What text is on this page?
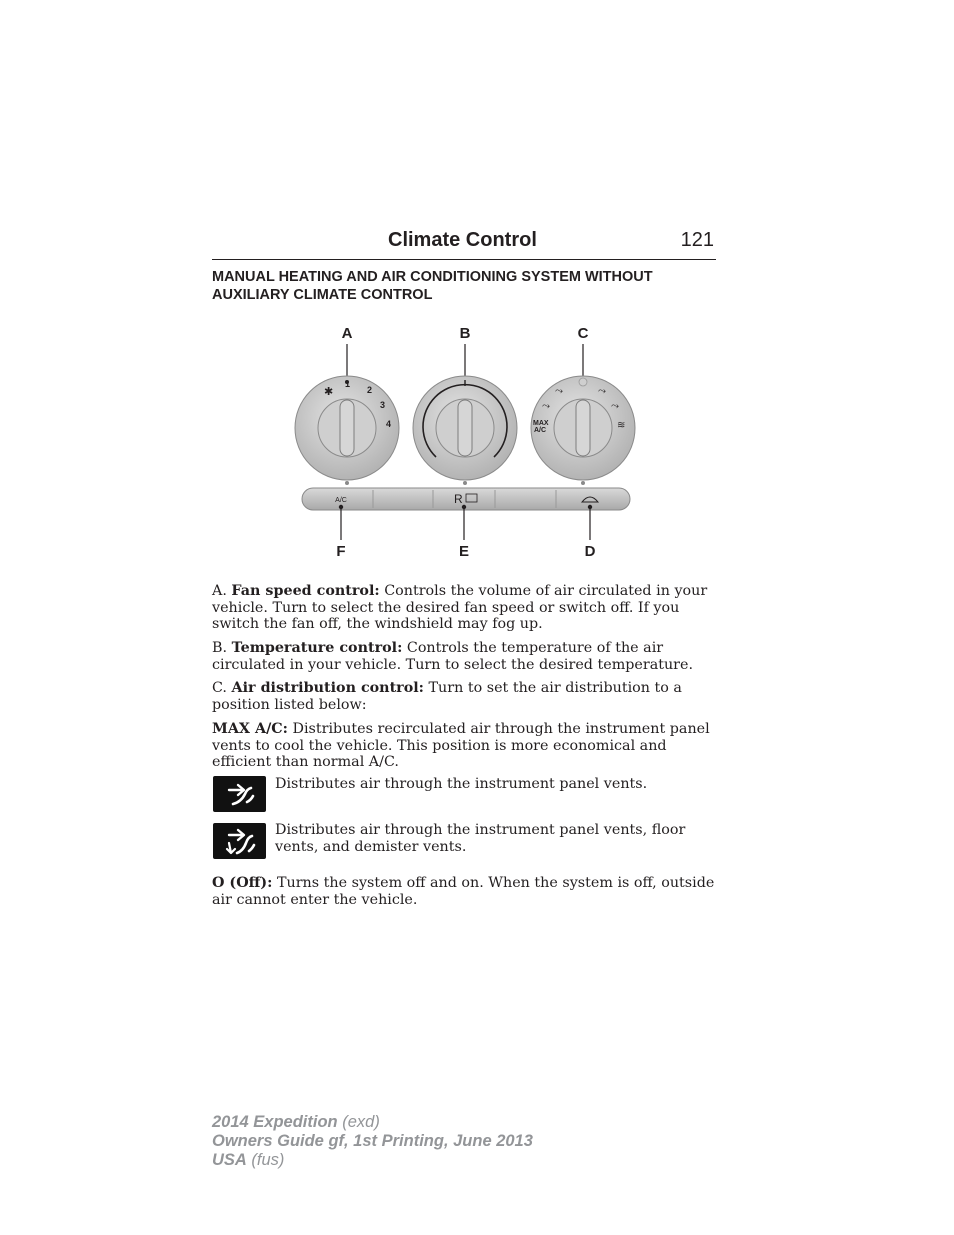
Climate Control	121
MANUAL HEATING AND AIR CONDITIONING SYSTEM WITHOUT AUXILIARY CLIMATE CONTROL
A	B	C
✱
1
2
3
4
⤳
⤳
⤳
⤳
≋
MAX
A/C
A/C	R
F	E	D
A. Fan speed control: Controls the volume of air circulated in your vehicle. Turn to select the desired fan speed or switch off. If you switch the fan off, the windshield may fog up.
B. Temperature control: Controls the temperature of the air circulated in your vehicle. Turn to select the desired temperature.
C. Air distribution control: Turn to set the air distribution to a position listed below:
MAX A/C: Distributes recirculated air through the instrument panel vents to cool the vehicle. This position is more economical and efficient than normal A/C.
Distributes air through the instrument panel vents.
Distributes air through the instrument panel vents, floor vents, and demister vents.
O (Off): Turns the system off and on. When the system is off, outside air cannot enter the vehicle.
2014 Expedition (exd)
Owners Guide gf, 1st Printing, June 2013
USA (fus)
